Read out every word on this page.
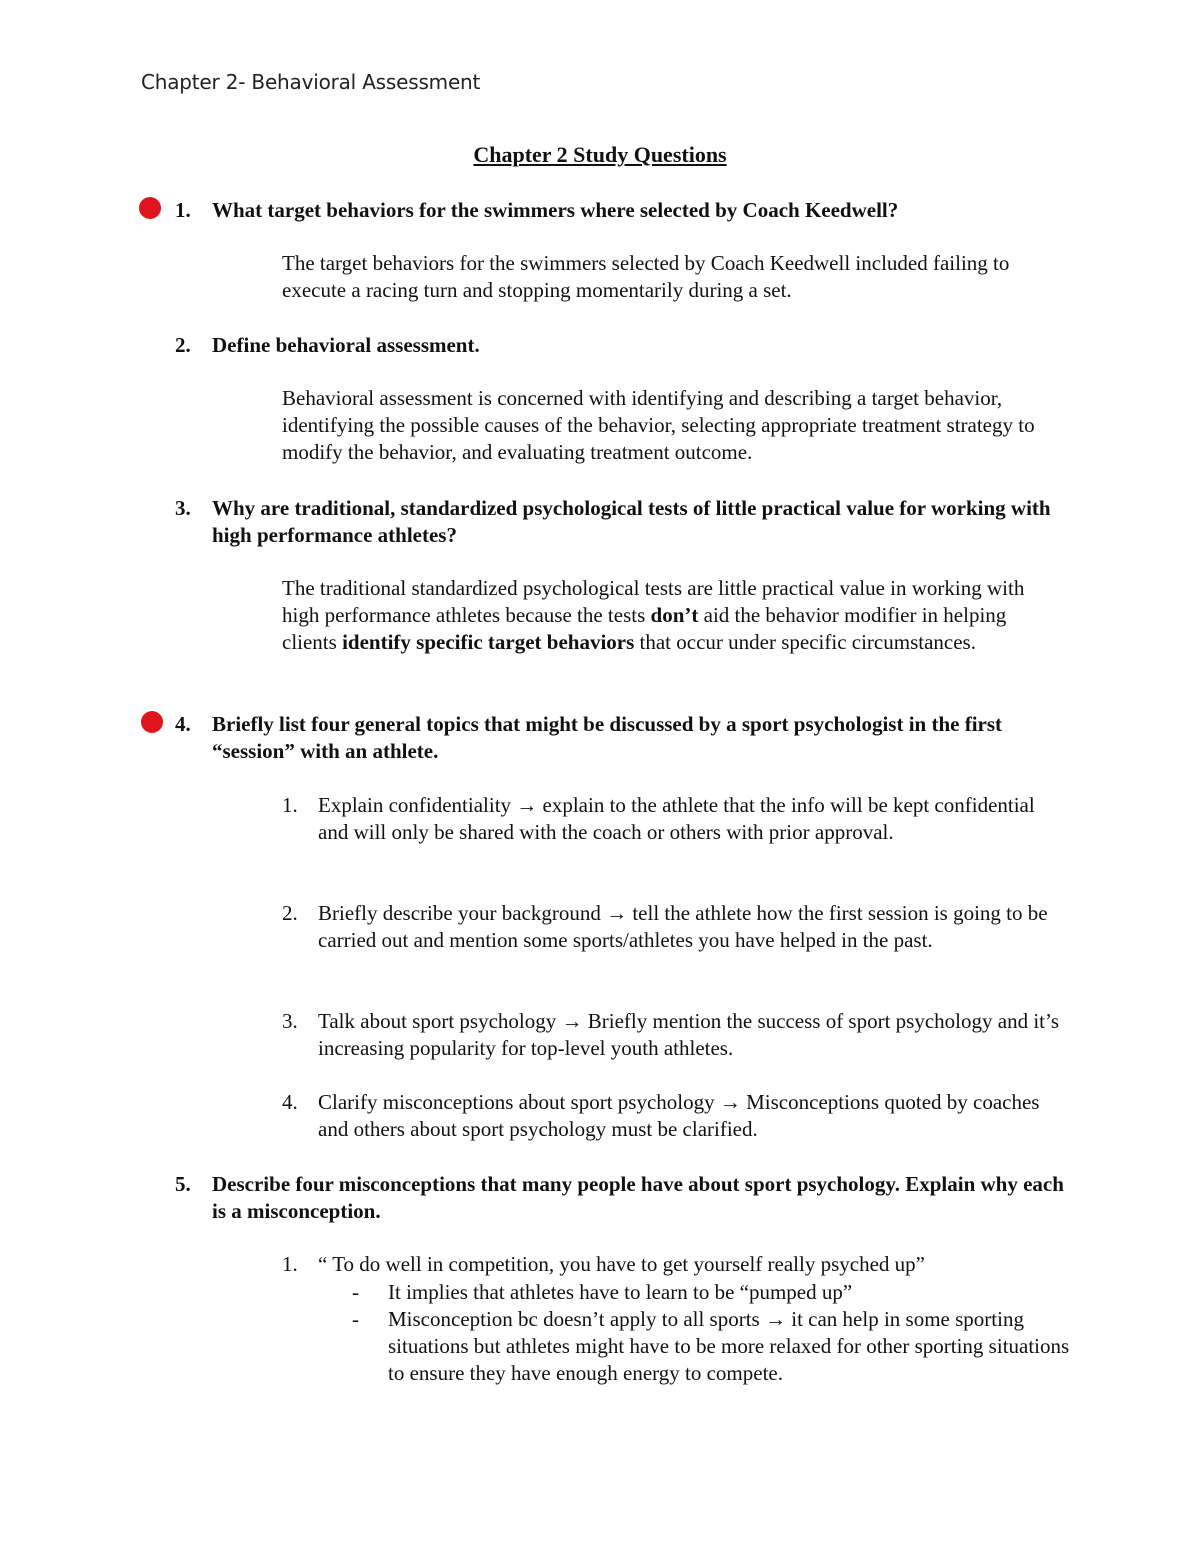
Chapter 2- Behavioral Assessment
Chapter 2 Study Questions
1. What target behaviors for the swimmers where selected by Coach Keedwell?
The target behaviors for the swimmers selected by Coach Keedwell included failing to execute a racing turn and stopping momentarily during a set.
2. Define behavioral assessment.
Behavioral assessment is concerned with identifying and describing a target behavior, identifying the possible causes of the behavior, selecting appropriate treatment strategy to modify the behavior, and evaluating treatment outcome.
3. Why are traditional, standardized psychological tests of little practical value for working with high performance athletes?
The traditional standardized psychological tests are little practical value in working with high performance athletes because the tests don’t aid the behavior modifier in helping clients identify specific target behaviors that occur under specific circumstances.
4. Briefly list four general topics that might be discussed by a sport psychologist in the first “session” with an athlete.
1. Explain confidentiality → explain to the athlete that the info will be kept confidential and will only be shared with the coach or others with prior approval.
2. Briefly describe your background → tell the athlete how the first session is going to be carried out and mention some sports/athletes you have helped in the past.
3. Talk about sport psychology → Briefly mention the success of sport psychology and it’s increasing popularity for top-level youth athletes.
4. Clarify misconceptions about sport psychology → Misconceptions quoted by coaches and others about sport psychology must be clarified.
5. Describe four misconceptions that many people have about sport psychology. Explain why each is a misconception.
1. “ To do well in competition, you have to get yourself really psyched up”
- It implies that athletes have to learn to be “pumped up”
- Misconception bc doesn’t apply to all sports → it can help in some sporting situations but athletes might have to be more relaxed for other sporting situations to ensure they have enough energy to compete.
